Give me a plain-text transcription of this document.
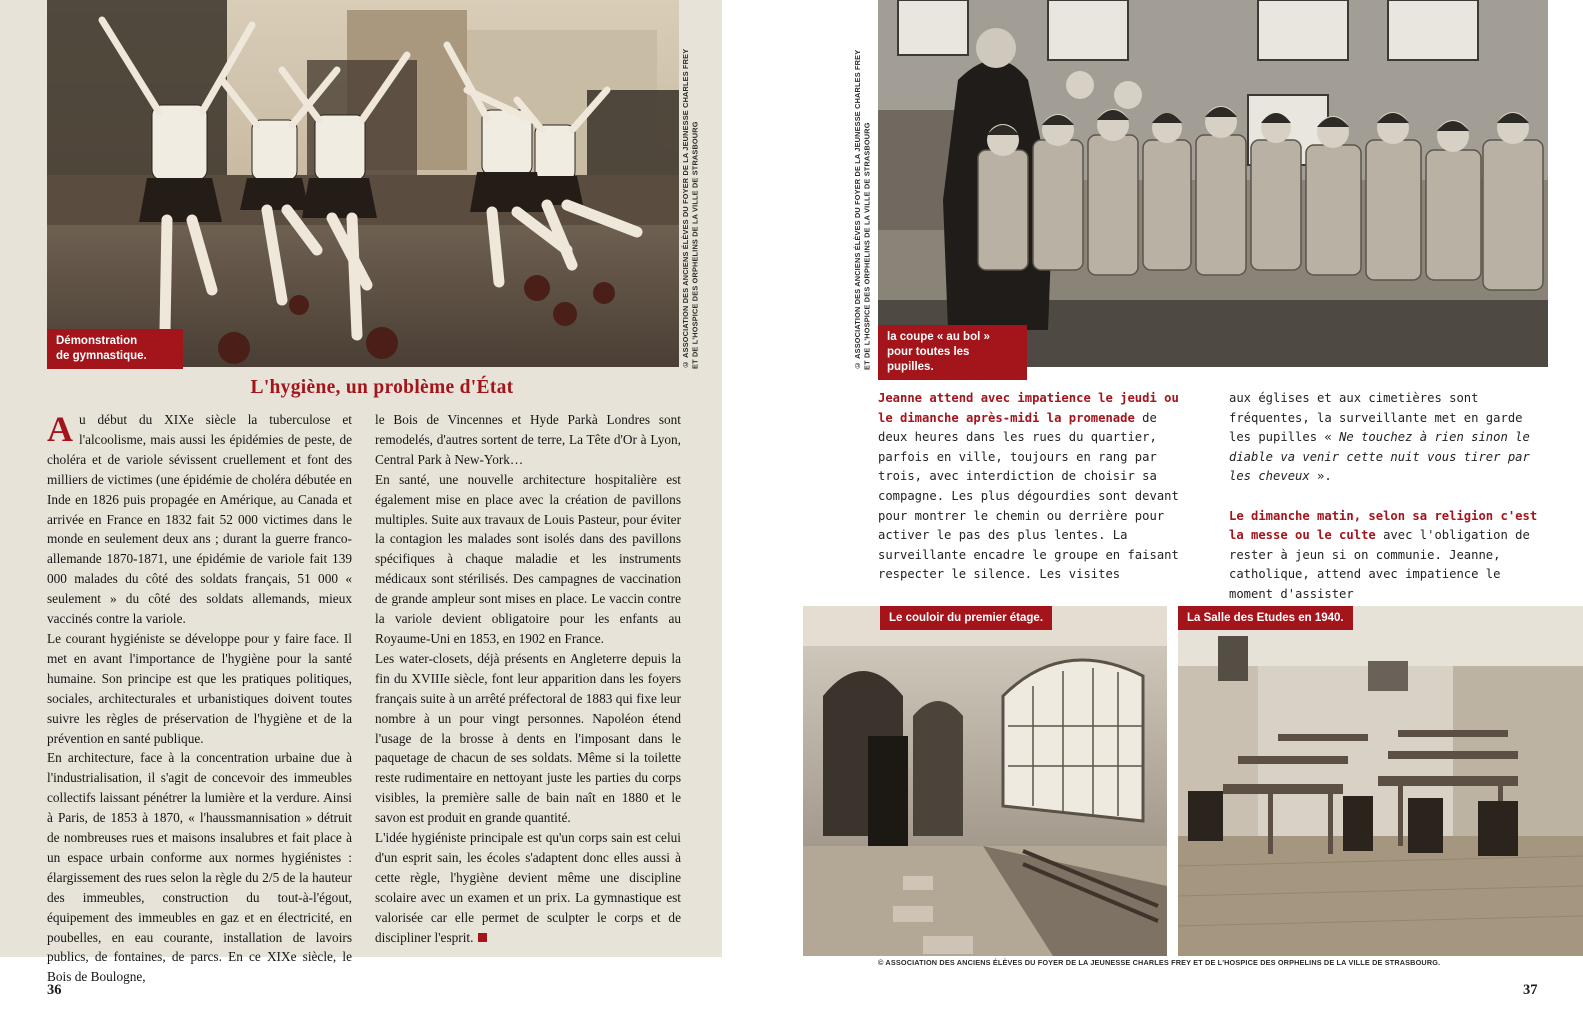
Démonstration
de gymnastique.	© ASSOCIATION DES ANCIENS ÉLÈVES DU FOYER DE LA JEUNESSE CHARLES FREY ET DE L'HOSPICE DES ORPHELINS DE LA VILLE DE STRASBOURG
L'hygiène, un problème d'État

Au début du XIXe siècle la tuberculose et l'alcoolisme, mais aussi les épidémies de peste, de choléra et de variole sévissent cruellement et font des milliers de victimes (une épidémie de choléra débutée en Inde en 1826 puis propagée en Amérique, au Canada et arrivée en France en 1832 fait 52 000 victimes dans le monde en seulement deux ans ; durant la guerre franco-allemande 1870-1871, une épidémie de variole fait 139 000 malades du côté des soldats français, 51 000 « seulement » du côté des soldats allemands, mieux vaccinés contre la variole.

Le courant hygiéniste se développe pour y faire face. Il met en avant l'importance de l'hygiène pour la santé humaine. Son principe est que les pratiques politiques, sociales, architecturales et urbanistiques doivent toutes suivre les règles de préservation de l'hygiène et de la prévention en santé publique.

En architecture, face à la concentration urbaine due à l'industrialisation, il s'agit de concevoir des immeubles collectifs laissant pénétrer la lumière et la verdure. Ainsi à Paris, de 1853 à 1870, « l'haussmannisation » détruit de nombreuses rues et maisons insalubres et fait place à un espace urbain conforme aux normes hygiénistes : élargissement des rues selon la règle du 2/5 de la hauteur des immeubles, construction du tout-à-l'égout, équipement des immeubles en gaz et en électricité, en poubelles, en eau courante, installation de lavoirs publics, de fontaines, de parcs. En ce XIXe siècle, le Bois de Boulogne,

le Bois de Vincennes et Hyde Parkà Londres sont remodelés, d'autres sortent de terre, La Tête d'Or à Lyon, Central Park à New-York…

En santé, une nouvelle architecture hospitalière est également mise en place avec la création de pavillons multiples. Suite aux travaux de Louis Pasteur, pour éviter la contagion les malades sont isolés dans des pavillons spécifiques à chaque maladie et les instruments médicaux sont stérilisés. Des campagnes de vaccination de grande ampleur sont mises en place. Le vaccin contre la variole devient obligatoire pour les enfants au Royaume-Uni en 1853, en 1902 en France.

Les water-closets, déjà présents en Angleterre depuis la fin du XVIIIe siècle, font leur apparition dans les foyers français suite à un arrêté préfectoral de 1883 qui fixe leur nombre à un pour vingt personnes. Napoléon étend l'usage de la brosse à dents en l'imposant dans le paquetage de chacun de ses soldats. Même si la toilette reste rudimentaire en nettoyant juste les parties du corps visibles, la première salle de bain naît en 1880 et le savon est produit en grande quantité.

L'idée hygiéniste principale est qu'un corps sain est celui d'un esprit sain, les écoles s'adaptent donc elles aussi à cette règle, l'hygiène devient même une discipline scolaire avec un examen et un prix. La gymnastique est valorisée car elle permet de sculpter le corps et de discipliner l'esprit.

36
© ASSOCIATION DES ANCIENS ÉLÈVES DU FOYER DE LA JEUNESSE CHARLES FREY ET DE L'HOSPICE DES ORPHELINS DE LA VILLE DE STRASBOURG la coupe « au bol »
pour toutes les pupilles.

Jeanne attend avec impatience le jeudi ou le dimanche après-midi la promenade de deux heures dans les rues du quartier, parfois en ville, toujours en rang par trois, avec interdiction de choisir sa compagne. Les plus dégourdies sont devant pour montrer le chemin ou derrière pour activer le pas des plus lentes. La surveillante encadre le groupe en faisant respecter le silence. Les visites

aux églises et aux cimetières sont fréquentes, la surveillante met en garde les pupilles « Ne touchez à rien sinon le diable va venir cette nuit vous tirer par les cheveux ».

Le dimanche matin, selon sa religion c'est la messe ou le culte avec l'obligation de rester à jeun si on communie. Jeanne, catholique, attend avec impatience le moment d'assister

Le couloir du premier étage.	La Salle des Etudes en 1940.
© ASSOCIATION DES ANCIENS ÉLÈVES DU FOYER DE LA JEUNESSE CHARLES FREY ET DE L'HOSPICE DES ORPHELINS DE LA VILLE DE STRASBOURG.
37
